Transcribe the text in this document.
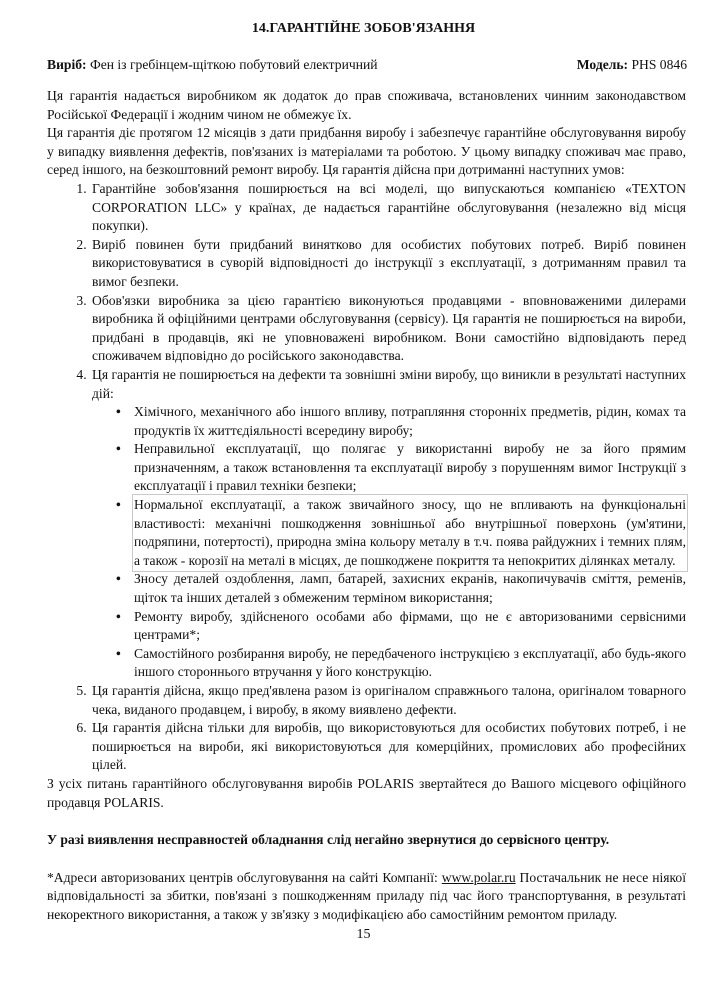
14.ГАРАНТІЙНЕ ЗОБОВ'ЯЗАННЯ
Виріб: Фен із гребінцем-щіткою побутовий електричний	Модель: PHS 0846

Ця гарантія надається виробником як додаток до прав споживача, встановлених чинним законодавством Російської Федерації і жодним чином не обмежує їх.

Ця гарантія діє протягом 12 місяців з дати придбання виробу і забезпечує гарантійне обслуговування виробу у випадку виявлення дефектів, пов'язаних із матеріалами та роботою. У цьому випадку споживач має право, серед іншого, на безкоштовний ремонт виробу. Ця гарантія дійсна при дотриманні наступних умов:

1. Гарантійне зобов'язання поширюється на всі моделі, що випускаються компанією «TEXTON CORPORATION LLC» у країнах, де надається гарантійне обслуговування (незалежно від місця покупки).
2. Виріб повинен бути придбаний винятково для особистих побутових потреб. Виріб повинен використовуватися в суворій відповідності до інструкції з експлуатації, з дотриманням правил та вимог безпеки.
3. Обов'язки виробника за цією гарантією виконуються продавцями - вповноваженими дилерами виробника й офіційними центрами обслуговування (сервісу). Ця гарантія не поширюється на вироби, придбані в продавців, які не уповноважені виробником. Вони самостійно відповідають перед споживачем відповідно до російського законодавства.
4. Ця гарантія не поширюється на дефекти та зовнішні зміни виробу, що виникли в результаті наступних дій:
• Хімічного, механічного або іншого впливу, потрапляння сторонніх предметів, рідин, комах та продуктів їх життєдіяльності всередину виробу;
• Неправильної експлуатації, що полягає у використанні виробу не за його прямим призначенням, а також встановлення та експлуатації виробу з порушенням вимог Інструкції з експлуатації і правил техніки безпеки;
• Нормальної експлуатації, а також звичайного зносу, що не впливають на функціональні властивості: механічні пошкодження зовнішньої або внутрішньої поверхонь (ум'ятини, подряпини, потертості), природна зміна кольору металу в т.ч. поява райдужних і темних плям, а також - корозії на металі в місцях, де пошкоджене покриття та непокритих ділянках металу.
• Зносу деталей оздоблення, ламп, батарей, захисних екранів, накопичувачів сміття, ременів, щіток та інших деталей з обмеженим терміном використання;
• Ремонту виробу, здійсненого особами або фірмами, що не є авторизованими сервісними центрами*;
• Самостійного розбирання виробу, не передбаченого інструкцією з експлуатації, або будь-якого іншого стороннього втручання у його конструкцію.
5. Ця гарантія дійсна, якщо пред'явлена разом із оригіналом справжнього талона, оригіналом товарного чека, виданого продавцем, і виробу, в якому виявлено дефекти.
6. Ця гарантія дійсна тільки для виробів, що використовуються для особистих побутових потреб, і не поширюється на вироби, які використовуються для комерційних, промислових або професійних цілей.

З усіх питань гарантійного обслуговування виробів POLARIS звертайтеся до Вашого місцевого офіційного продавця POLARIS.

У разі виявлення несправностей обладнання слід негайно звернутися до сервісного центру.

*Адреси авторизованих центрів обслуговування на сайті Компанії: www.polar.ru Постачальник не несе ніякої відповідальності за збитки, пов'язані з пошкодженням приладу під час його транспортування, в результаті некоректного використання, а також у зв'язку з модифікацією або самостійним ремонтом приладу.

15
